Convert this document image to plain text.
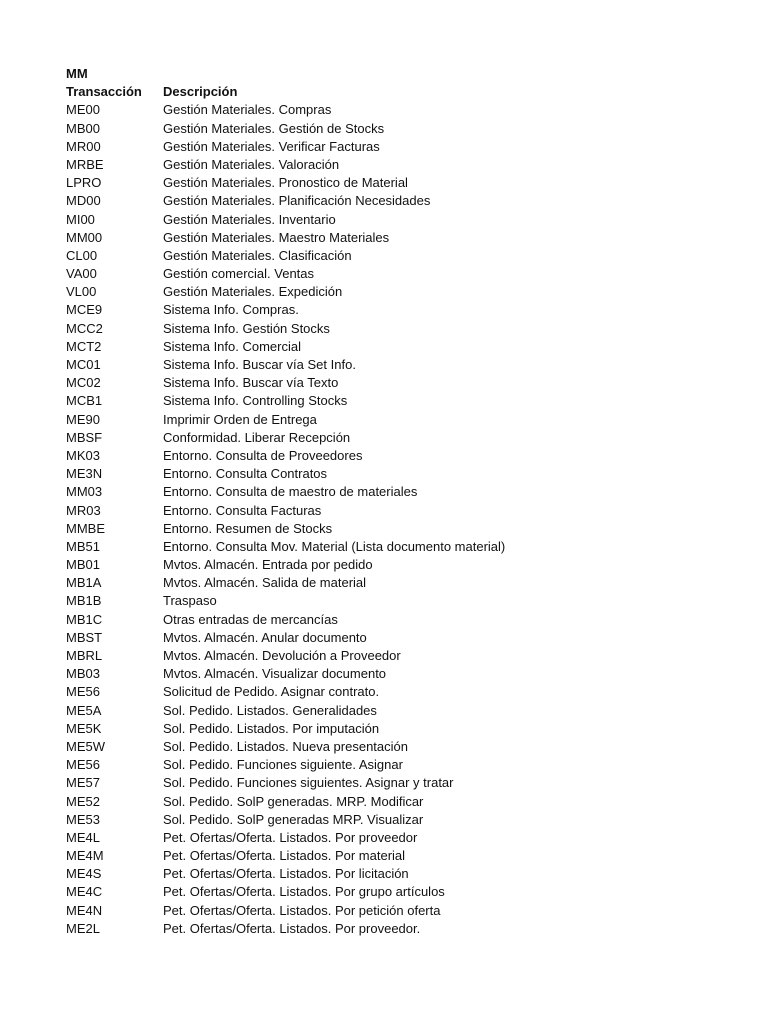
MM
Transacción	Descripción
ME00	Gestión Materiales. Compras
MB00	Gestión Materiales. Gestión de Stocks
MR00	Gestión Materiales. Verificar Facturas
MRBE	Gestión Materiales. Valoración
LPRO	Gestión Materiales. Pronostico de Material
MD00	Gestión Materiales. Planificación Necesidades
MI00	Gestión Materiales. Inventario
MM00	Gestión Materiales. Maestro Materiales
CL00	Gestión Materiales. Clasificación
VA00	Gestión comercial. Ventas
VL00	Gestión Materiales. Expedición
MCE9	Sistema Info. Compras.
MCC2	Sistema Info. Gestión Stocks
MCT2	Sistema Info. Comercial
MC01	Sistema Info. Buscar vía Set Info.
MC02	Sistema Info. Buscar vía Texto
MCB1	Sistema Info. Controlling Stocks
ME90	Imprimir Orden de Entrega
MBSF	Conformidad. Liberar Recepción
MK03	Entorno. Consulta de Proveedores
ME3N	Entorno. Consulta Contratos
MM03	Entorno. Consulta de maestro de materiales
MR03	Entorno. Consulta Facturas
MMBE	Entorno. Resumen de Stocks
MB51	Entorno. Consulta Mov. Material (Lista documento material)
MB01	Mvtos. Almacén. Entrada por pedido
MB1A	Mvtos. Almacén. Salida de material
MB1B	Traspaso
MB1C	Otras entradas de mercancías
MBST	Mvtos. Almacén. Anular documento
MBRL	Mvtos. Almacén. Devolución a Proveedor
MB03	Mvtos. Almacén. Visualizar documento
ME56	Solicitud de Pedido. Asignar contrato.
ME5A	Sol. Pedido. Listados. Generalidades
ME5K	Sol. Pedido. Listados. Por imputación
ME5W	Sol. Pedido. Listados. Nueva presentación
ME56	Sol. Pedido. Funciones siguiente. Asignar
ME57	Sol. Pedido. Funciones siguientes. Asignar y tratar
ME52	Sol. Pedido. SolP generadas. MRP. Modificar
ME53	Sol. Pedido. SolP generadas MRP. Visualizar
ME4L	Pet. Ofertas/Oferta. Listados. Por proveedor
ME4M	Pet. Ofertas/Oferta. Listados. Por material
ME4S	Pet. Ofertas/Oferta. Listados. Por licitación
ME4C	Pet. Ofertas/Oferta. Listados. Por grupo artículos
ME4N	Pet. Ofertas/Oferta. Listados. Por petición oferta
ME2L	Pet. Ofertas/Oferta. Listados. Por proveedor.
